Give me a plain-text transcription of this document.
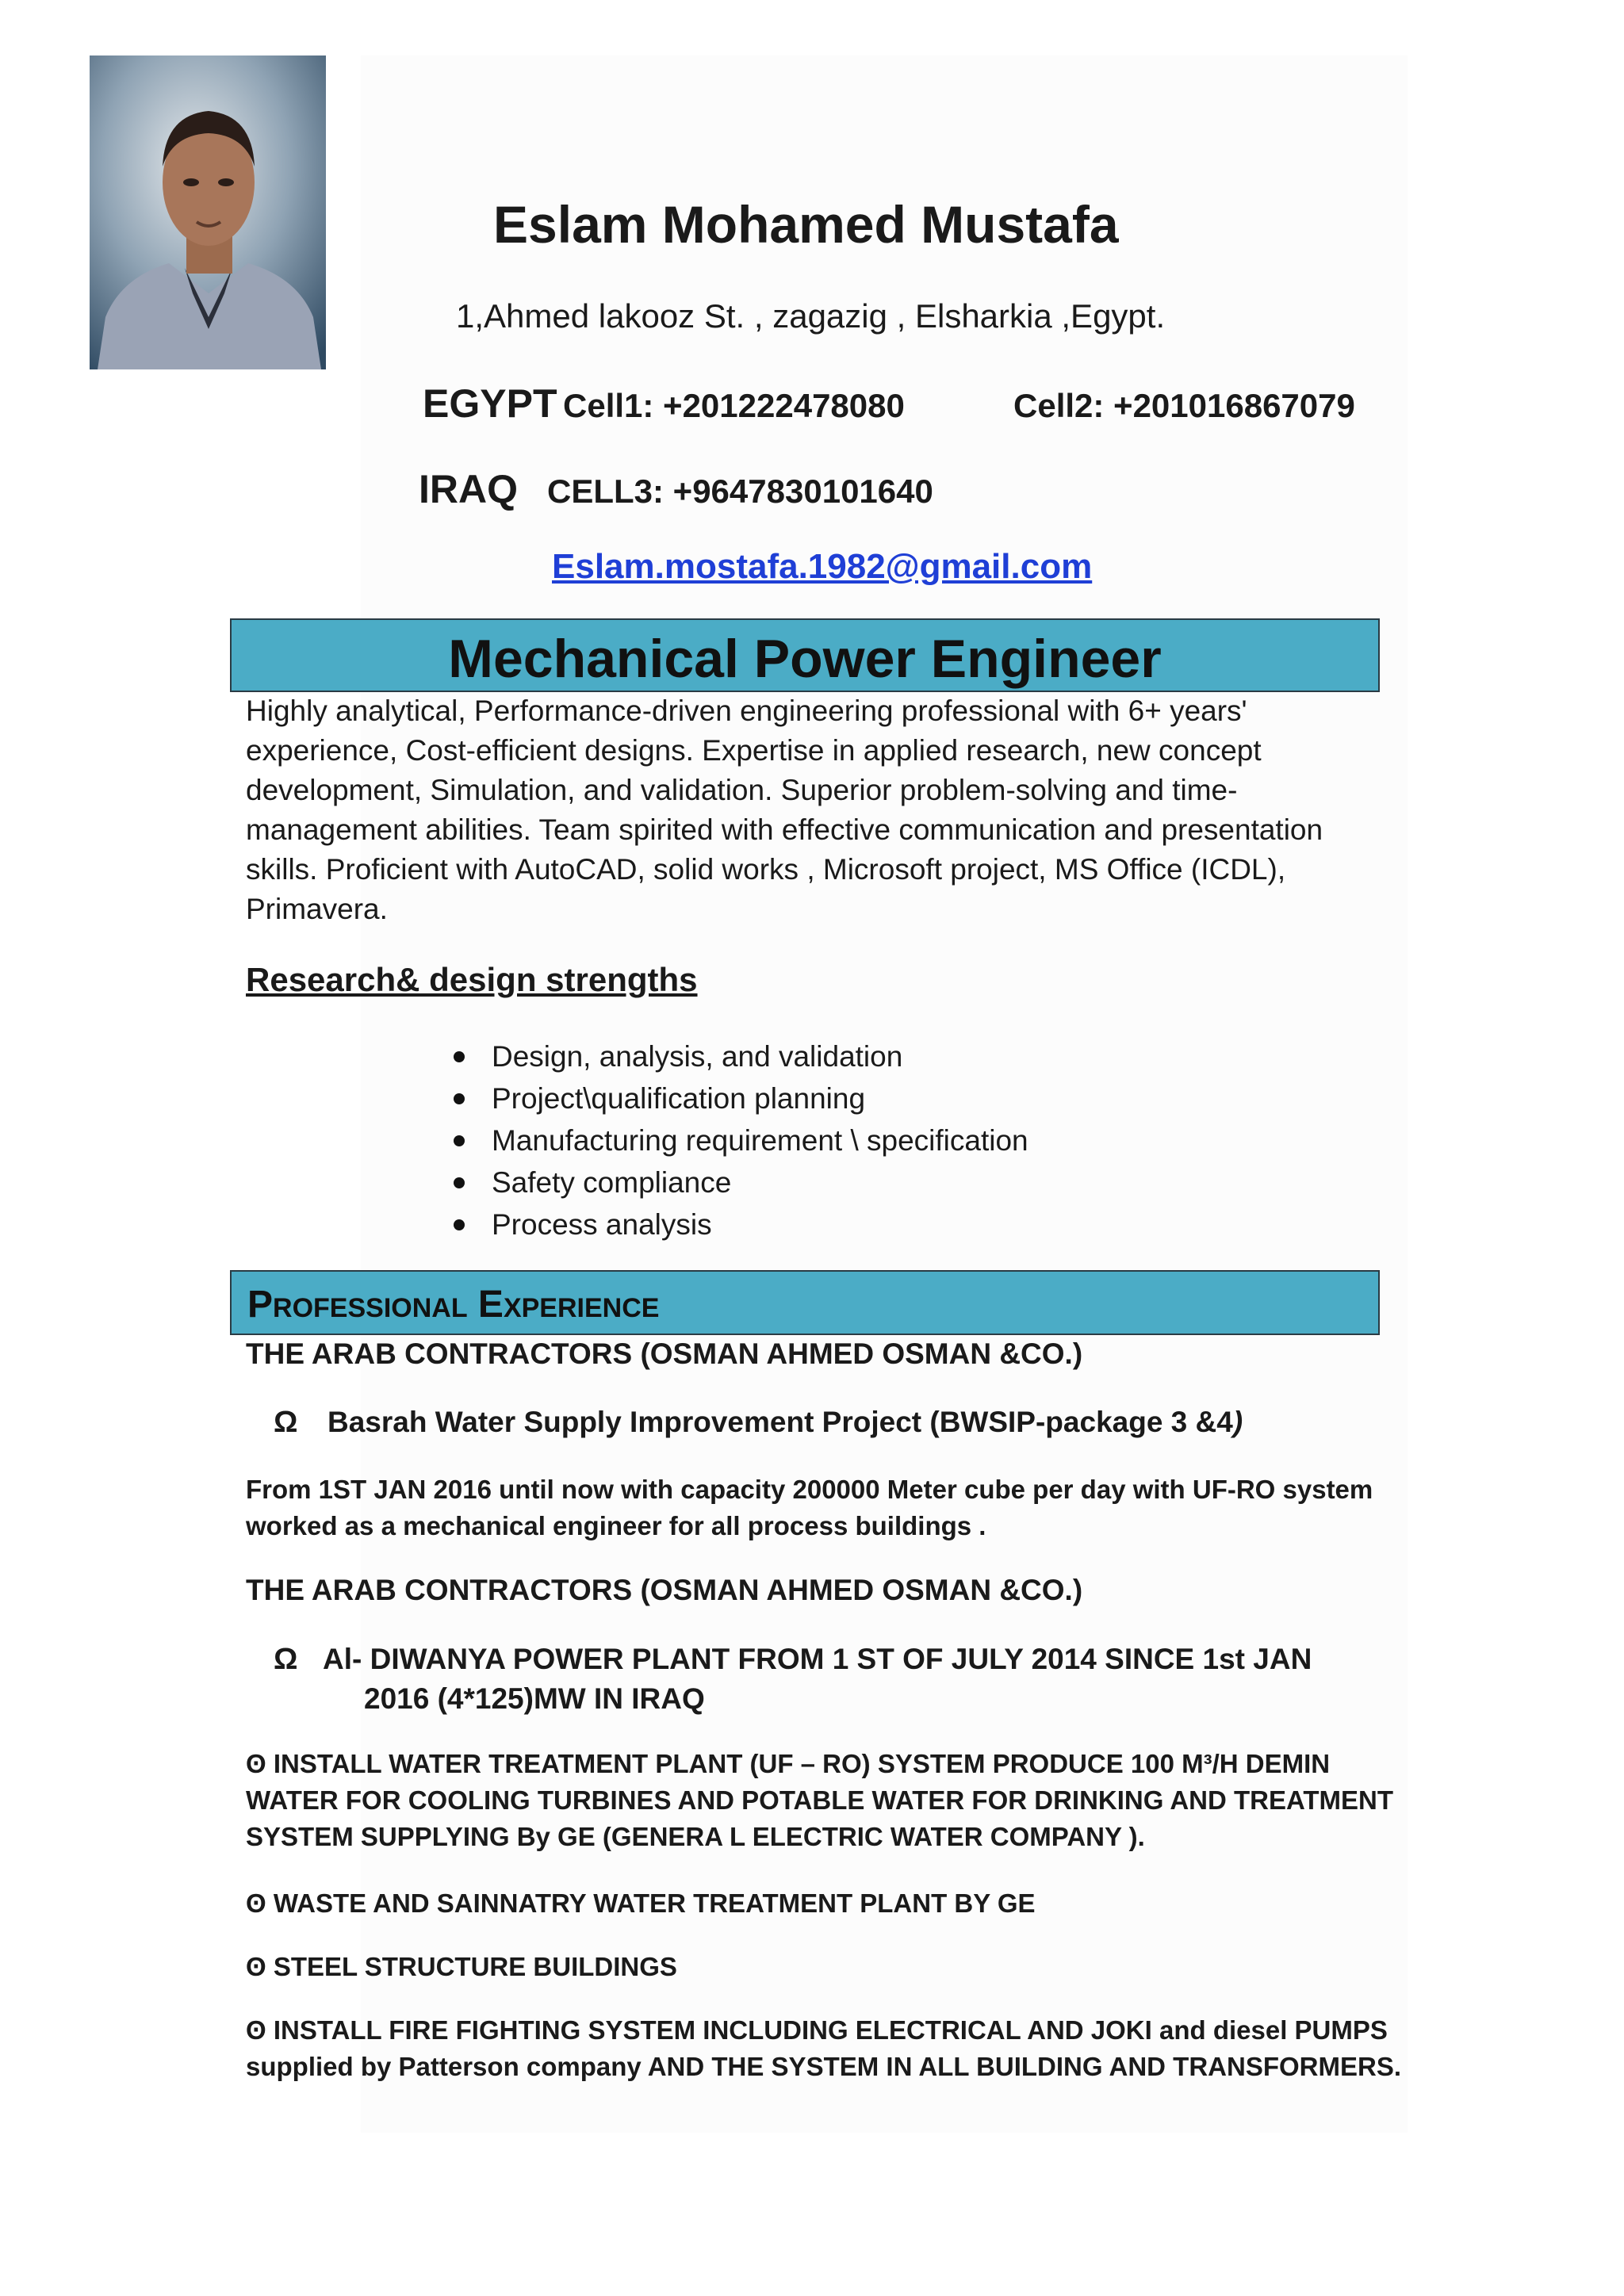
Eslam Mohamed Mustafa
1,Ahmed lakooz St. , zagazig , Elsharkia ,Egypt.
EGYPT Cell1: +201222478080	Cell2: +201016867079
IRAQ CELL3: +9647830101640
Eslam.mostafa.1982@gmail.com
Mechanical Power Engineer
Highly analytical, Performance-driven engineering professional with 6+ years' experience, Cost-efficient designs. Expertise in applied research, new concept development, Simulation, and validation. Superior problem-solving and time-management abilities. Team spirited with effective communication and presentation skills. Proficient with AutoCAD, solid works , Microsoft project, MS Office (ICDL), Primavera.
Research& design strengths
Design, analysis, and validation
Project\qualification planning
Manufacturing requirement \ specification
Safety compliance
Process analysis
Professional Experience
THE ARAB CONTRACTORS (OSMAN AHMED OSMAN &CO.)
Ω Basrah Water Supply Improvement Project (BWSIP-package 3 &4)
From 1ST JAN 2016 until now with capacity 200000 Meter cube per day with UF-RO system
worked as a mechanical engineer for all process buildings .
THE ARAB CONTRACTORS (OSMAN AHMED OSMAN &CO.)
Ω Al- DIWANYA POWER PLANT FROM 1 ST OF JULY 2014 SINCE 1st JAN
2016 (4*125)MW IN IRAQ
ʘ INSTALL WATER TREATMENT PLANT (UF – RO) SYSTEM PRODUCE 100 M³/H DEMIN
WATER FOR COOLING TURBINES AND POTABLE WATER FOR DRINKING AND TREATMENT
SYSTEM SUPPLYING By GE (GENERA L ELECTRIC WATER COMPANY ).
ʘ WASTE AND SAINNATRY WATER TREATMENT PLANT BY GE
ʘ STEEL STRUCTURE BUILDINGS
ʘ INSTALL FIRE FIGHTING SYSTEM INCLUDING ELECTRICAL AND JOKI and diesel PUMPS
supplied by Patterson company AND THE SYSTEM IN ALL BUILDING AND TRANSFORMERS.
